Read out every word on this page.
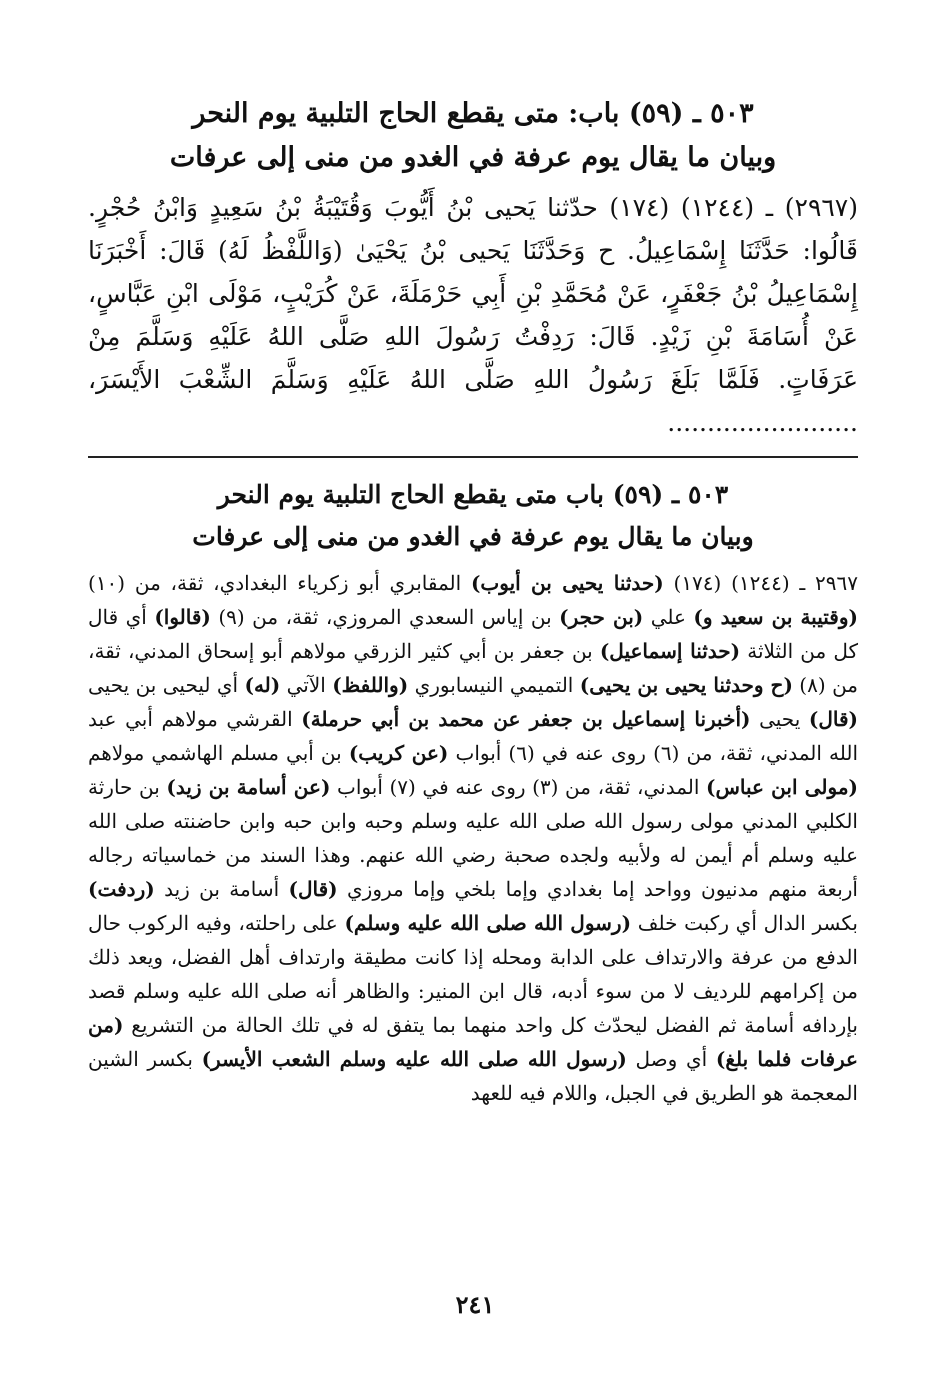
٥٠٣ ـ (٥٩) باب: متى يقطع الحاج التلبية يوم النحر
وبيان ما يقال يوم عرفة في الغدو من منى إلى عرفات

(٢٩٦٧) ـ (١٢٤٤) (١٧٤) حدّثنا يَحيى بْنُ أَيُّوبَ وَقُتَيْبَةُ بْنُ سَعِيدٍ وَابْنُ حُجْرٍ. قَالُوا: حَدَّثَنَا إِسْمَاعِيلُ. ح وَحَدَّثَنَا يَحيى بْنُ يَحْيَىٰ (وَاللَّفْظُ لَهُ) قَالَ: أَخْبَرَنَا إِسْمَاعِيلُ بْنُ جَعْفَرٍ، عَنْ مُحَمَّدِ بْنِ أَبِي حَرْمَلَةَ، عَنْ كُرَيْبٍ، مَوْلَى ابْنِ عَبَّاسٍ، عَنْ أُسَامَةَ بْنِ زَيْدٍ. قَالَ: رَدِفْتُ رَسُولَ اللهِ صَلَّى اللهُ عَلَيْهِ وَسَلَّمَ مِنْ عَرَفَاتٍ. فَلَمَّا بَلَغَ رَسُولُ اللهِ صَلَّى اللهُ عَلَيْهِ وَسَلَّمَ الشِّعْبَ الأَيْسَرَ، ........................

٥٠٣ ـ (٥٩) باب متى يقطع الحاج التلبية يوم النحر
وبيان ما يقال يوم عرفة في الغدو من منى إلى عرفات

٢٩٦٧ ـ (١٢٤٤) (١٧٤) (حدثنا يحيى بن أيوب) المقابري أبو زكرياء البغدادي، ثقة، من (١٠) (وقتيبة بن سعيد و) علي (بن حجر) بن إياس السعدي المروزي، ثقة، من (٩) (قالوا) أي قال كل من الثلاثة (حدثنا إسماعيل) بن جعفر بن أبي كثير الزرقي مولاهم أبو إسحاق المدني، ثقة، من (٨) (ح وحدثنا يحيى بن يحيى) التميمي النيسابوري (واللفظ) الآتي (له) أي ليحيى بن يحيى (قال) يحيى (أخبرنا إسماعيل بن جعفر عن محمد بن أبي حرملة) القرشي مولاهم أبي عبد الله المدني، ثقة، من (٦) روى عنه في (٦) أبواب (عن كريب) بن أبي مسلم الهاشمي مولاهم (مولى ابن عباس) المدني، ثقة، من (٣) روى عنه في (٧) أبواب (عن أسامة بن زيد) بن حارثة الكلبي المدني مولى رسول الله صلى الله عليه وسلم وحبه وابن حبه وابن حاضنته صلى الله عليه وسلم أم أيمن له ولأبيه ولجده صحبة رضي الله عنهم. وهذا السند من خماسياته رجاله أربعة منهم مدنيون وواحد إما بغدادي وإما بلخي وإما مروزي (قال) أسامة بن زيد (ردفت) بكسر الدال أي ركبت خلف (رسول الله صلى الله عليه وسلم) على راحلته، وفيه الركوب حال الدفع من عرفة والارتداف على الدابة ومحله إذا كانت مطيقة وارتداف أهل الفضل، ويعد ذلك من إكرامهم للرديف لا من سوء أدبه، قال ابن المنير: والظاهر أنه صلى الله عليه وسلم قصد بإردافه أسامة ثم الفضل ليحدّث كل واحد منهما بما يتفق له في تلك الحالة من التشريع (من عرفات فلما بلغ) أي وصل (رسول الله صلى الله عليه وسلم الشعب الأيسر) بكسر الشين المعجمة هو الطريق في الجبل، واللام فيه للعهد

٢٤١
